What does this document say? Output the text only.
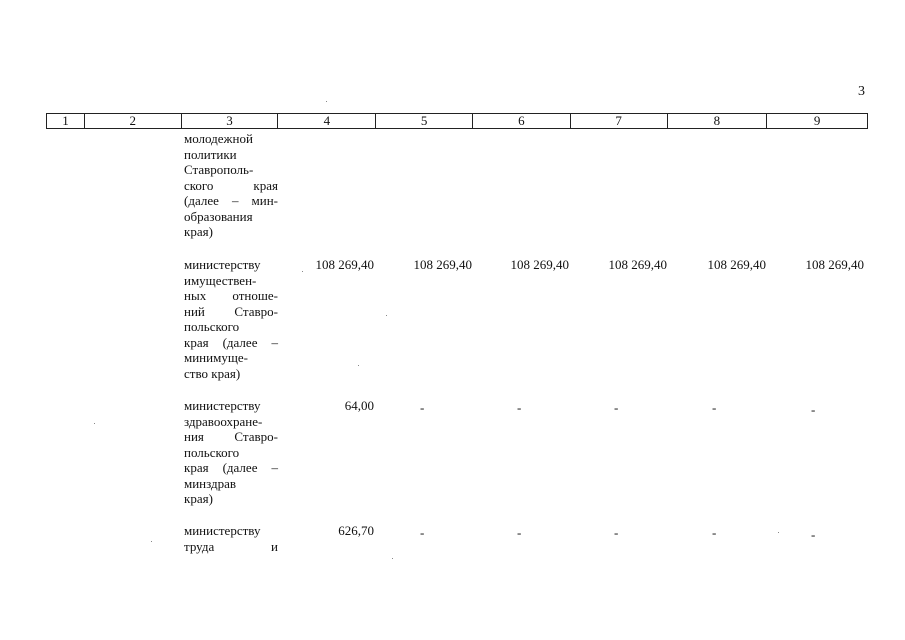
3
1	2	3	4	5	6	7	8	9
молодежной
политики
Ставрополь-
ского края
(далее – мин-
образования
края)
министерству
имуществен-
ных отноше-
ний Ставро-
польского
края (далее –
минимуще-
ство края)
108 269,40	108 269,40	108 269,40	108 269,40	108 269,40	108 269,40
министерству
здравоохране-
ния Ставро-
польского
края (далее –
минздрав
края)
64,00	-	-	-	-	-
министерству
труда и
626,70	-	-	-	-	-
